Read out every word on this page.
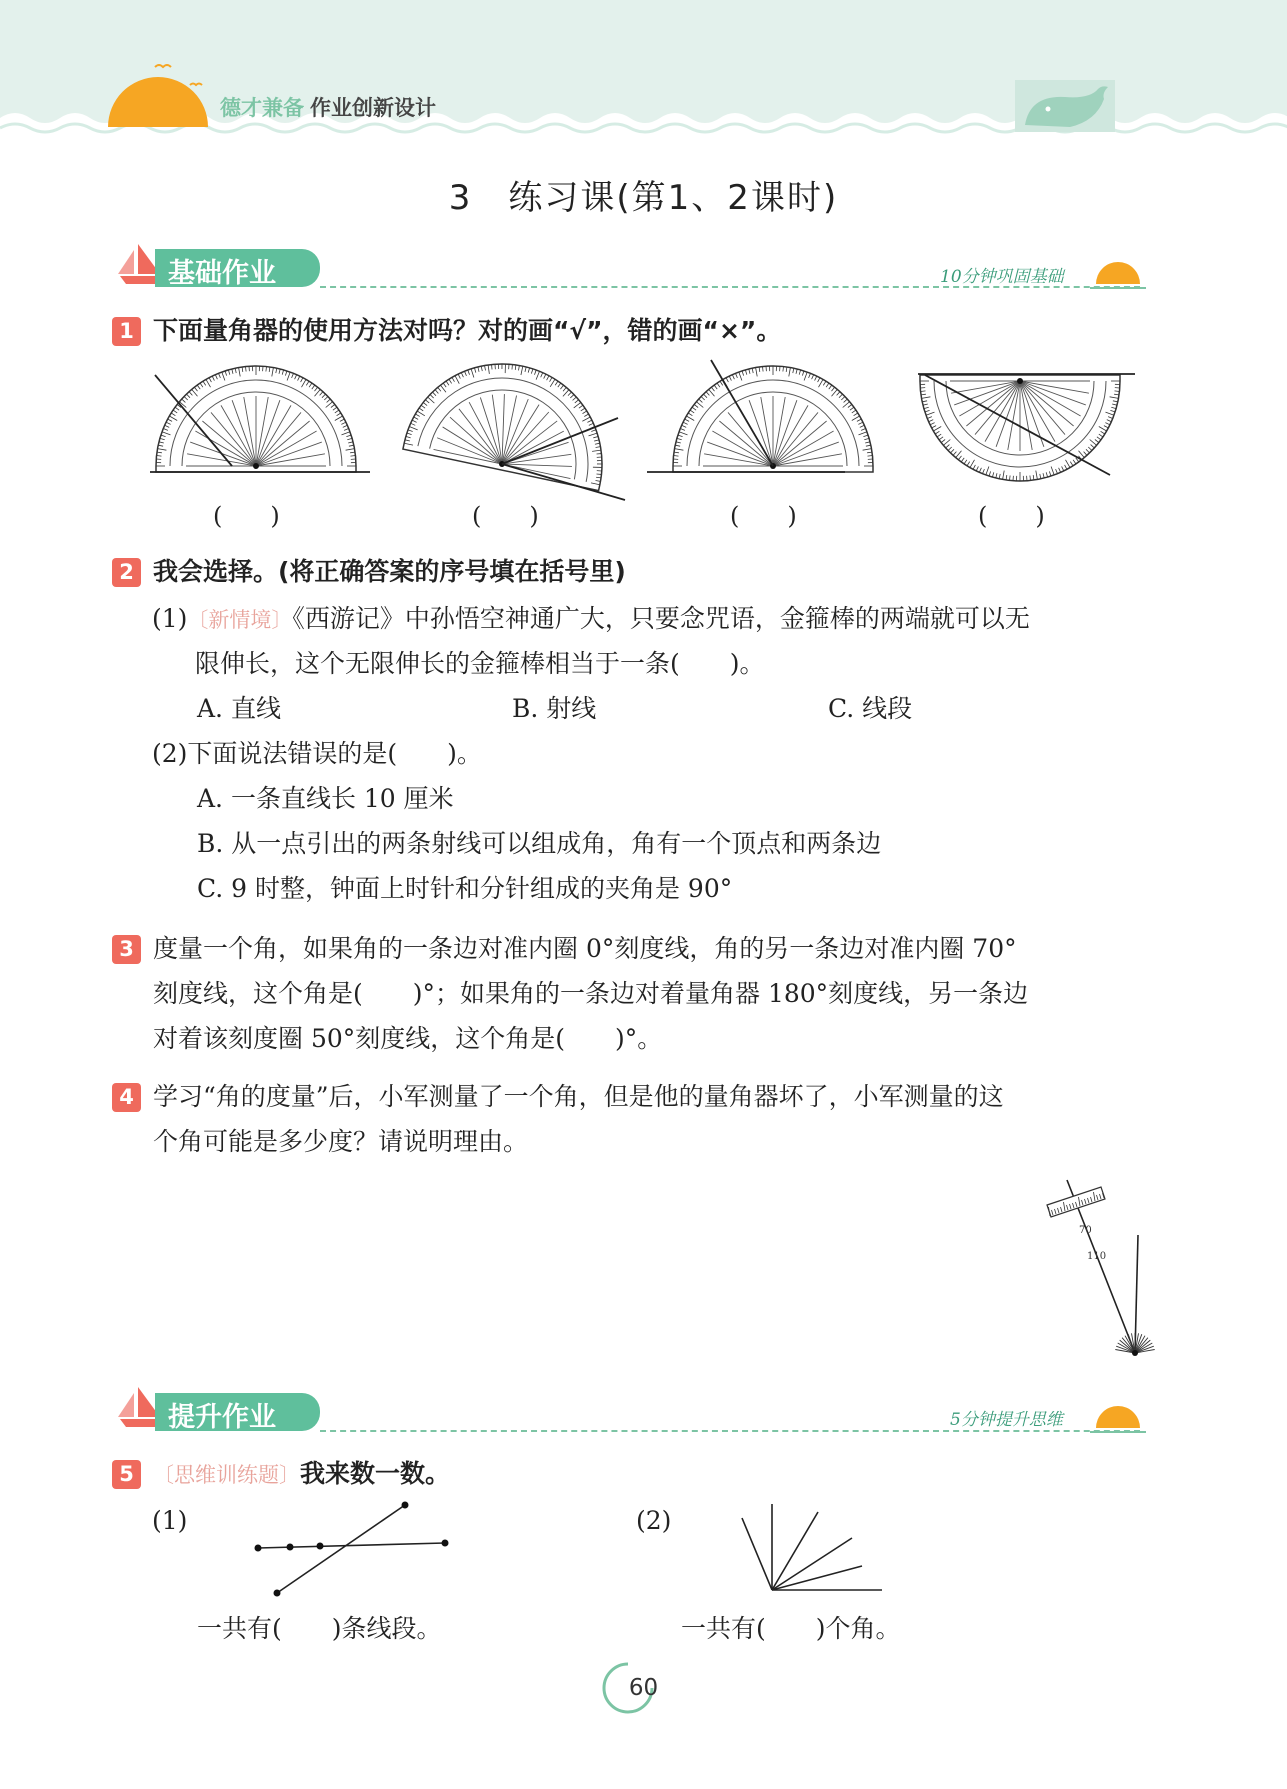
德才兼备 作业创新设计
3　练习课(第1、2课时)
基础作业	10分钟巩固基础
1 下面量角器的使用方法对吗？对的画“√”，错的画“×”。
(　　)	(　　)	(　　)	(　　)
2 我会选择。(将正确答案的序号填在括号里)
(1)〔新情境〕《西游记》中孙悟空神通广大，只要念咒语，金箍棒的两端就可以无
限伸长，这个无限伸长的金箍棒相当于一条(　　)。
A. 直线	B. 射线	C. 线段
(2)下面说法错误的是(　　)。
A. 一条直线长 10 厘米
B. 从一点引出的两条射线可以组成角，角有一个顶点和两条边
C. 9 时整，钟面上时针和分针组成的夹角是 90°
3 度量一个角，如果角的一条边对准内圈 0°刻度线，角的另一条边对准内圈 70°
刻度线，这个角是(　　)°；如果角的一条边对着量角器 180°刻度线，另一条边
对着该刻度圈 50°刻度线，这个角是(　　)°。
4 学习“角的度量”后，小军测量了一个角，但是他的量角器坏了，小军测量的这
个角可能是多少度？请说明理由。
70
110
提升作业	5分钟提升思维
5 〔思维训练题〕我来数一数。
(1)
一共有(　　)条线段。
(2)
一共有(　　)个角。
60
